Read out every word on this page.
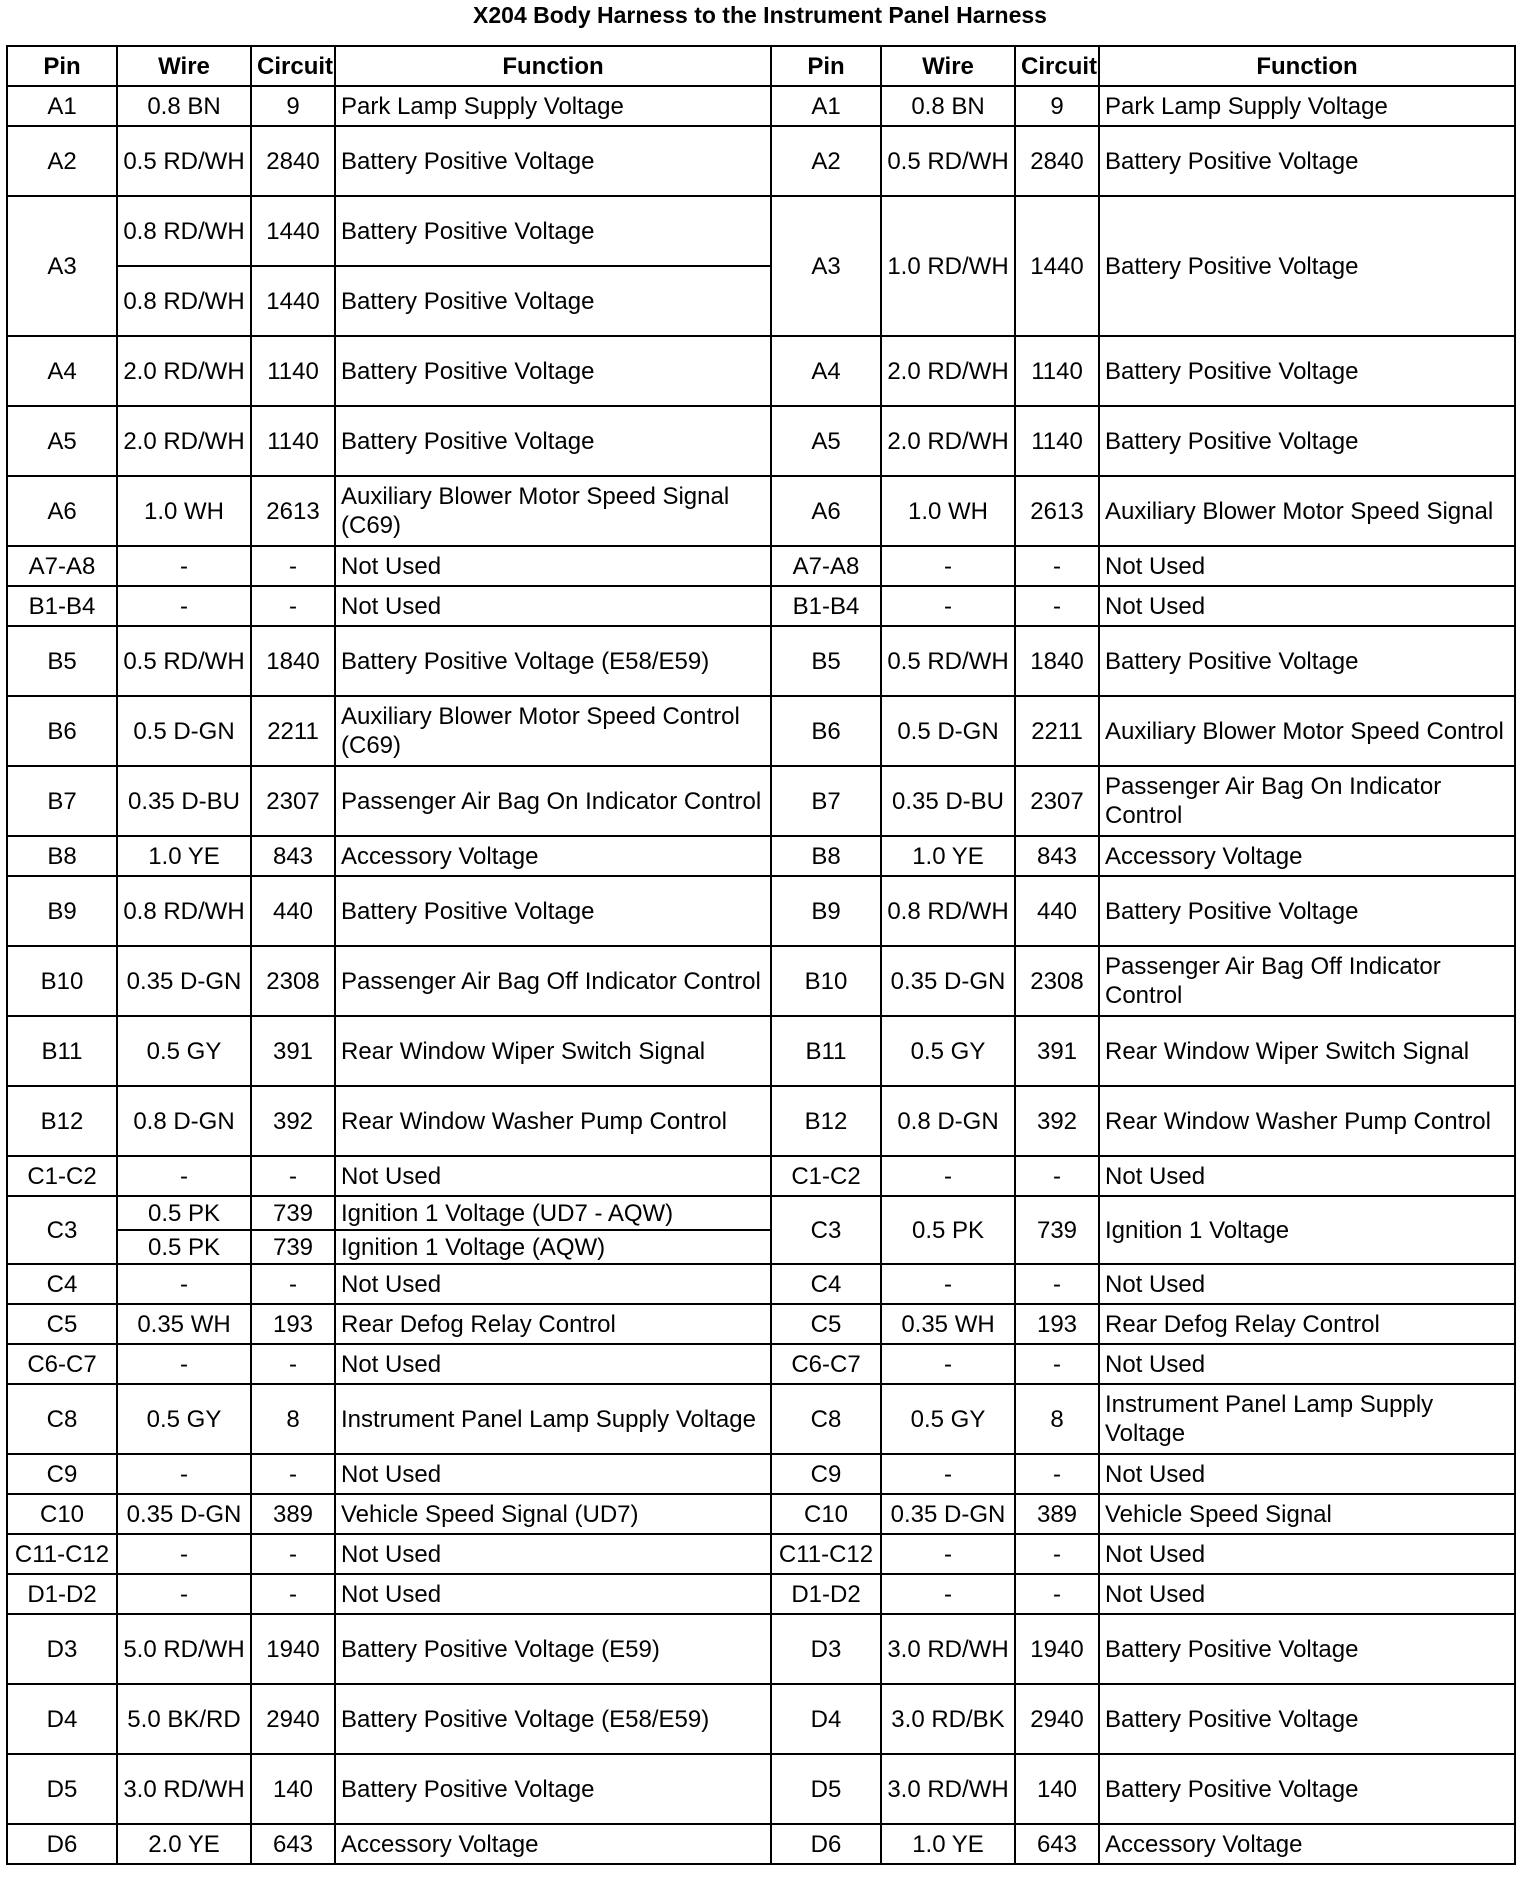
X204 Body Harness to the Instrument Panel Harness
Pin	Wire	Circuit	Function	Pin	Wire	Circuit	Function
A1	0.8 BN	9	Park Lamp Supply Voltage	A1	0.8 BN	9	Park Lamp Supply Voltage
A2	0.5 RD/WH	2840	Battery Positive Voltage	A2	0.5 RD/WH	2840	Battery Positive Voltage
A3	0.8 RD/WH	1440	Battery Positive Voltage	A3	1.0 RD/WH	1440	Battery Positive Voltage
	0.8 RD/WH	1440	Battery Positive Voltage				
A4	2.0 RD/WH	1140	Battery Positive Voltage	A4	2.0 RD/WH	1140	Battery Positive Voltage
A5	2.0 RD/WH	1140	Battery Positive Voltage	A5	2.0 RD/WH	1140	Battery Positive Voltage
A6	1.0 WH	2613	Auxiliary Blower Motor Speed Signal (C69)	A6	1.0 WH	2613	Auxiliary Blower Motor Speed Signal
A7-A8	-	-	Not Used	A7-A8	-	-	Not Used
B1-B4	-	-	Not Used	B1-B4	-	-	Not Used
B5	0.5 RD/WH	1840	Battery Positive Voltage (E58/E59)	B5	0.5 RD/WH	1840	Battery Positive Voltage
B6	0.5 D-GN	2211	Auxiliary Blower Motor Speed Control (C69)	B6	0.5 D-GN	2211	Auxiliary Blower Motor Speed Control
B7	0.35 D-BU	2307	Passenger Air Bag On Indicator Control	B7	0.35 D-BU	2307	Passenger Air Bag On Indicator Control
B8	1.0 YE	843	Accessory Voltage	B8	1.0 YE	843	Accessory Voltage
B9	0.8 RD/WH	440	Battery Positive Voltage	B9	0.8 RD/WH	440	Battery Positive Voltage
B10	0.35 D-GN	2308	Passenger Air Bag Off Indicator Control	B10	0.35 D-GN	2308	Passenger Air Bag Off Indicator Control
B11	0.5 GY	391	Rear Window Wiper Switch Signal	B11	0.5 GY	391	Rear Window Wiper Switch Signal
B12	0.8 D-GN	392	Rear Window Washer Pump Control	B12	0.8 D-GN	392	Rear Window Washer Pump Control
C1-C2	-	-	Not Used	C1-C2	-	-	Not Used
C3	0.5 PK	739	Ignition 1 Voltage (UD7 - AQW)	C3	0.5 PK	739	Ignition 1 Voltage
	0.5 PK	739	Ignition 1 Voltage (AQW)				
C4	-	-	Not Used	C4	-	-	Not Used
C5	0.35 WH	193	Rear Defog Relay Control	C5	0.35 WH	193	Rear Defog Relay Control
C6-C7	-	-	Not Used	C6-C7	-	-	Not Used
C8	0.5 GY	8	Instrument Panel Lamp Supply Voltage	C8	0.5 GY	8	Instrument Panel Lamp Supply Voltage
C9	-	-	Not Used	C9	-	-	Not Used
C10	0.35 D-GN	389	Vehicle Speed Signal (UD7)	C10	0.35 D-GN	389	Vehicle Speed Signal
C11-C12	-	-	Not Used	C11-C12	-	-	Not Used
D1-D2	-	-	Not Used	D1-D2	-	-	Not Used
D3	5.0 RD/WH	1940	Battery Positive Voltage (E59)	D3	3.0 RD/WH	1940	Battery Positive Voltage
D4	5.0 BK/RD	2940	Battery Positive Voltage (E58/E59)	D4	3.0 RD/BK	2940	Battery Positive Voltage
D5	3.0 RD/WH	140	Battery Positive Voltage	D5	3.0 RD/WH	140	Battery Positive Voltage
D6	2.0 YE	643	Accessory Voltage	D6	1.0 YE	643	Accessory Voltage
